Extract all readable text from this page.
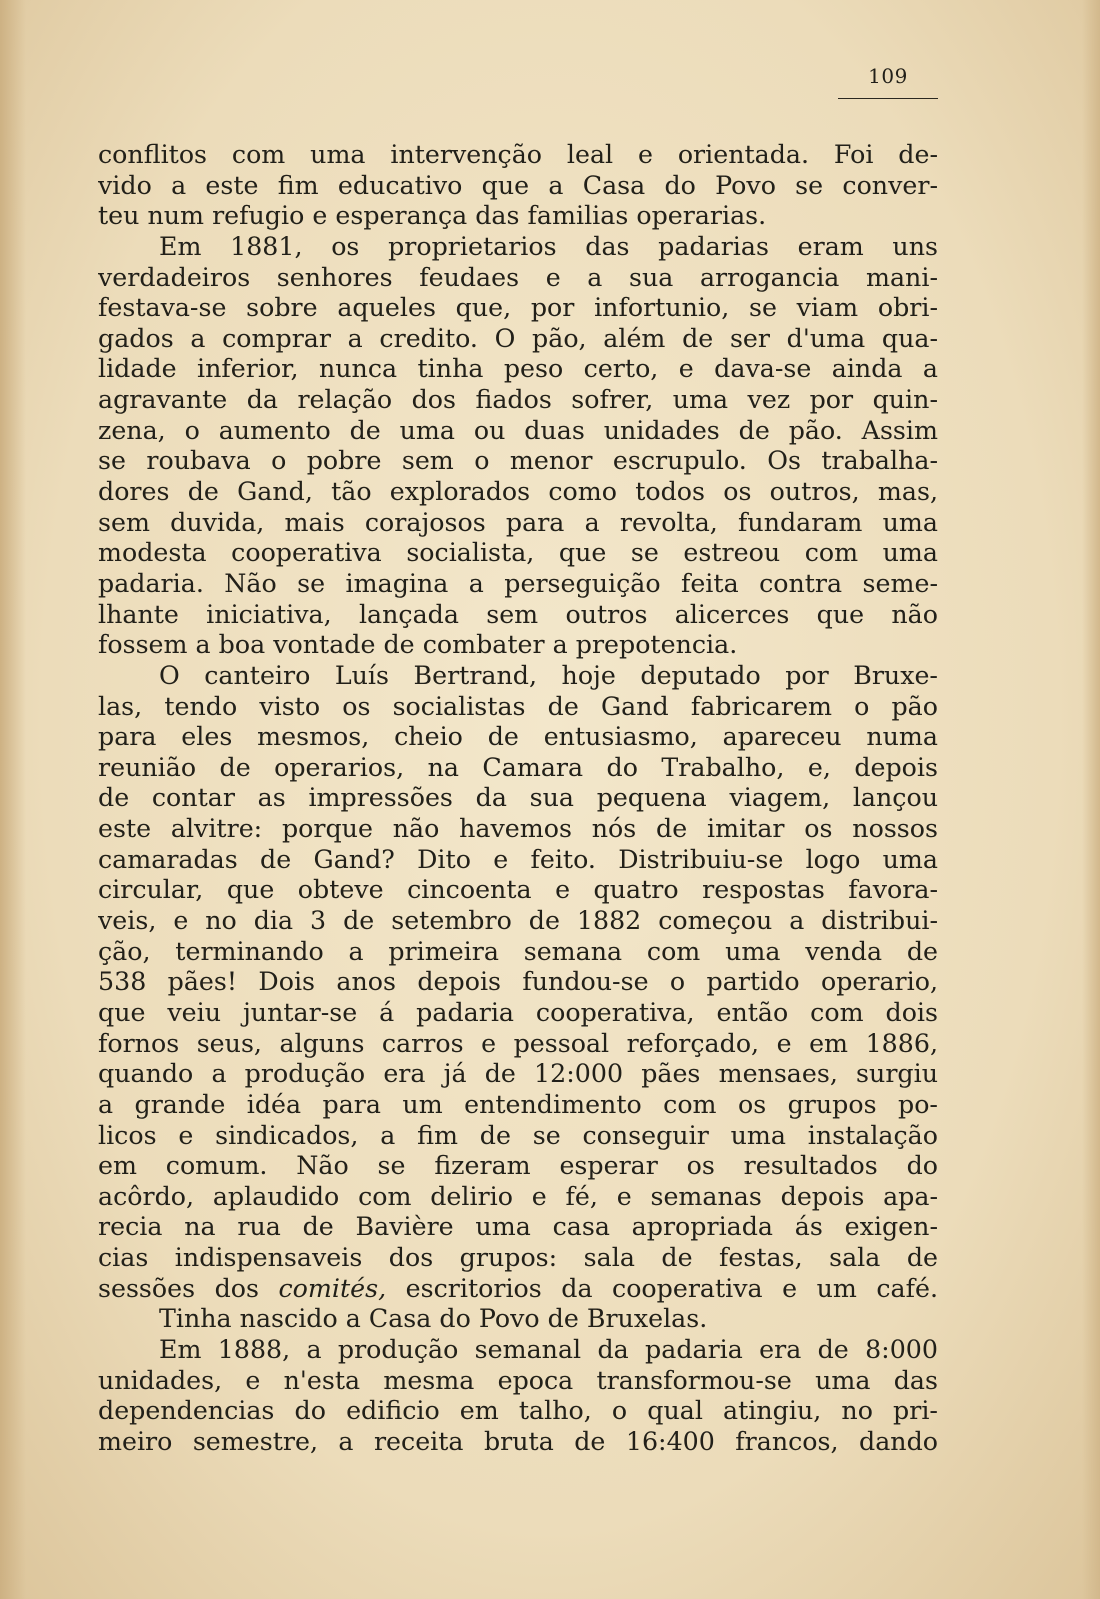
109
conflitos com uma intervenção leal e orientada. Foi de-
vido a este fim educativo que a Casa do Povo se conver-
teu num refugio e esperança das familias operarias.
Em 1881, os proprietarios das padarias eram uns
verdadeiros senhores feudaes e a sua arrogancia mani-
festava-se sobre aqueles que, por infortunio, se viam obri-
gados a comprar a credito. O pão, além de ser d'uma qua-
lidade inferior, nunca tinha peso certo, e dava-se ainda a
agravante da relação dos fiados sofrer, uma vez por quin-
zena, o aumento de uma ou duas unidades de pão. Assim
se roubava o pobre sem o menor escrupulo. Os trabalha-
dores de Gand, tão explorados como todos os outros, mas,
sem duvida, mais corajosos para a revolta, fundaram uma
modesta cooperativa socialista, que se estreou com uma
padaria. Não se imagina a perseguição feita contra seme-
lhante iniciativa, lançada sem outros alicerces que não
fossem a boa vontade de combater a prepotencia.
O canteiro Luís Bertrand, hoje deputado por Bruxe-
las, tendo visto os socialistas de Gand fabricarem o pão
para eles mesmos, cheio de entusiasmo, apareceu numa
reunião de operarios, na Camara do Trabalho, e, depois
de contar as impressões da sua pequena viagem, lançou
este alvitre: porque não havemos nós de imitar os nossos
camaradas de Gand? Dito e feito. Distribuiu-se logo uma
circular, que obteve cincoenta e quatro respostas favora-
veis, e no dia 3 de setembro de 1882 começou a distribui-
ção, terminando a primeira semana com uma venda de
538 pães! Dois anos depois fundou-se o partido operario,
que veiu juntar-se á padaria cooperativa, então com dois
fornos seus, alguns carros e pessoal reforçado, e em 1886,
quando a produção era já de 12:000 pães mensaes, surgiu
a grande idéa para um entendimento com os grupos po-
licos e sindicados, a fim de se conseguir uma instalação
em comum. Não se fizeram esperar os resultados do
acôrdo, aplaudido com delirio e fé, e semanas depois apa-
recia na rua de Bavière uma casa apropriada ás exigen-
cias indispensaveis dos grupos: sala de festas, sala de
sessões dos comités, escritorios da cooperativa e um café.
Tinha nascido a Casa do Povo de Bruxelas.
Em 1888, a produção semanal da padaria era de 8:000
unidades, e n'esta mesma epoca transformou-se uma das
dependencias do edificio em talho, o qual atingiu, no pri-
meiro semestre, a receita bruta de 16:400 francos, dando
